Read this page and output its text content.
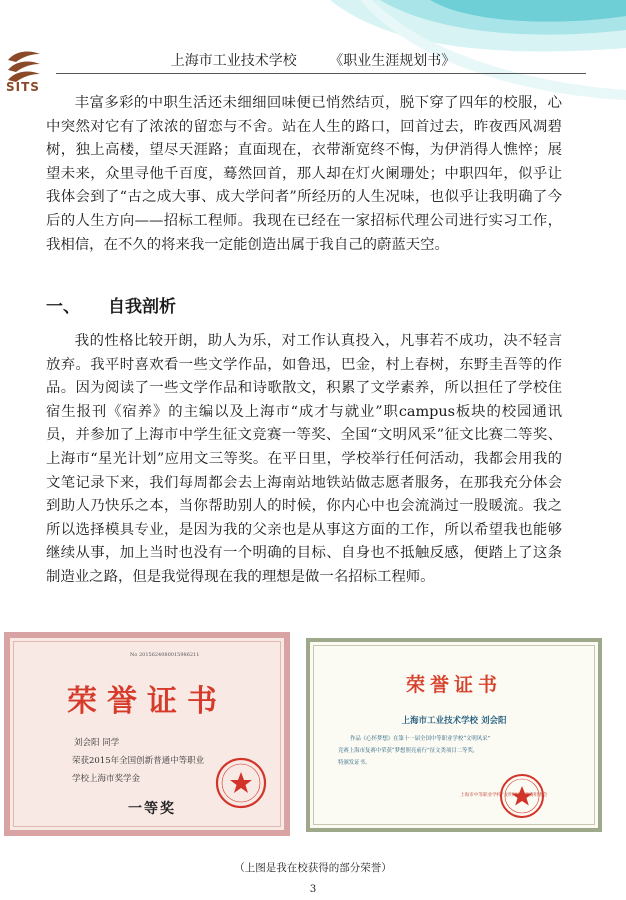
SITS
上海市工业技术学校 《职业生涯规划书》

丰富多彩的中职生活还未细细回味便已悄然结页，脱下穿了四年的校服，心中突然对它有了浓浓的留恋与不舍。站在人生的路口，回首过去，昨夜西风凋碧树，独上高楼，望尽天涯路；直面现在，衣带渐宽终不悔，为伊消得人憔悴；展望未来，众里寻他千百度，蓦然回首，那人却在灯火阑珊处；中职四年，似乎让我体会到了“古之成大事、成大学问者”所经历的人生况味，也似乎让我明确了今后的人生方向——招标工程师。我现在已经在一家招标代理公司进行实习工作，我相信，在不久的将来我一定能创造出属于我自己的蔚蓝天空。

一、 自我剖析

我的性格比较开朗，助人为乐，对工作认真投入，凡事若不成功，决不轻言放弃。我平时喜欢看一些文学作品，如鲁迅，巴金，村上春树，东野圭吾等的作品。因为阅读了一些文学作品和诗歌散文，积累了文学素养，所以担任了学校住宿生报刊《宿养》的主编以及上海市“成才与就业”职campus板块的校园通讯员，并参加了上海市中学生征文竞赛一等奖、全国“文明风采”征文比赛二等奖、上海市“星光计划”应用文三等奖。在平日里，学校举行任何活动，我都会用我的文笔记录下来，我们每周都会去上海南站地铁站做志愿者服务，在那我充分体会到助人乃快乐之本，当你帮助别人的时候，你内心中也会流淌过一股暖流。我之所以选择模具专业，是因为我的父亲也是从事这方面的工作，所以希望我也能够继续从事，加上当时也没有一个明确的目标、自身也不抵触反感，便踏上了这条制造业之路，但是我觉得现在我的理想是做一名招标工程师。

No 2015624080015986211
荣誉证书
刘会阳 同学
荣获2015年全国创新普通中等职业
学校上海市奖学金
一等奖
荣誉证书
上海市工业技术学校 刘会阳
作品《心怀梦想》在第十一届全国中等职业学校“文明风采”
竞赛上海市复赛中荣获“梦想照亮前行”征文类项目二等奖，
特颁发证书。
上海市中等职业学校“文明风采”竞赛组委会
（上图是我在校获得的部分荣誉）
3
